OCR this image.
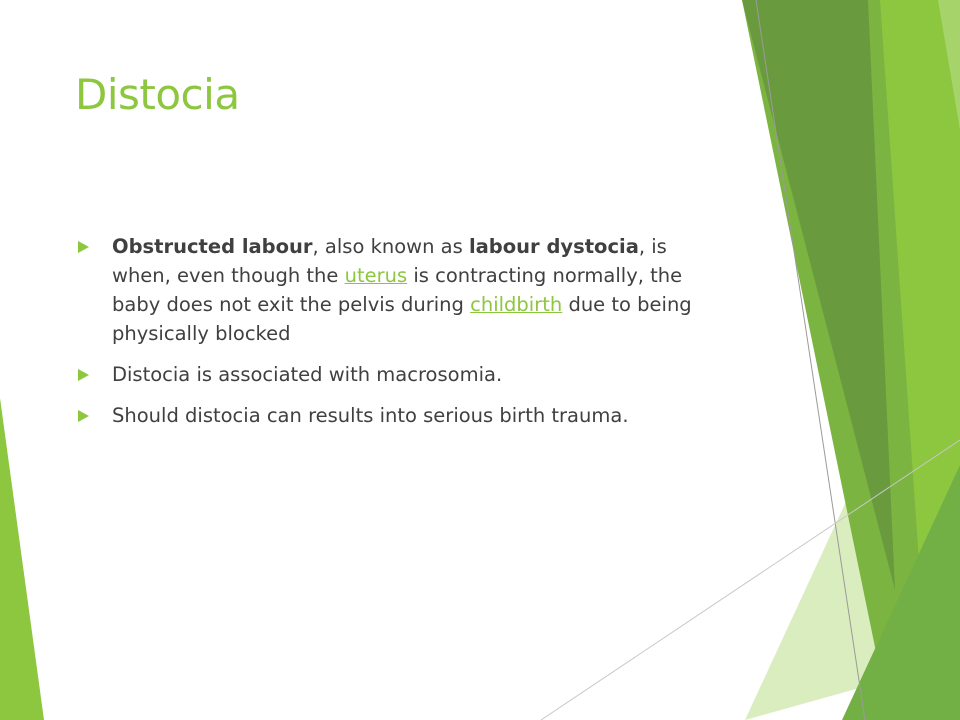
Distocia
Obstructed labour, also known as labour dystocia, is when, even though the uterus is contracting normally, the baby does not exit the pelvis during childbirth due to being physically blocked
Distocia is associated with macrosomia.
Should distocia can results into serious birth trauma.
